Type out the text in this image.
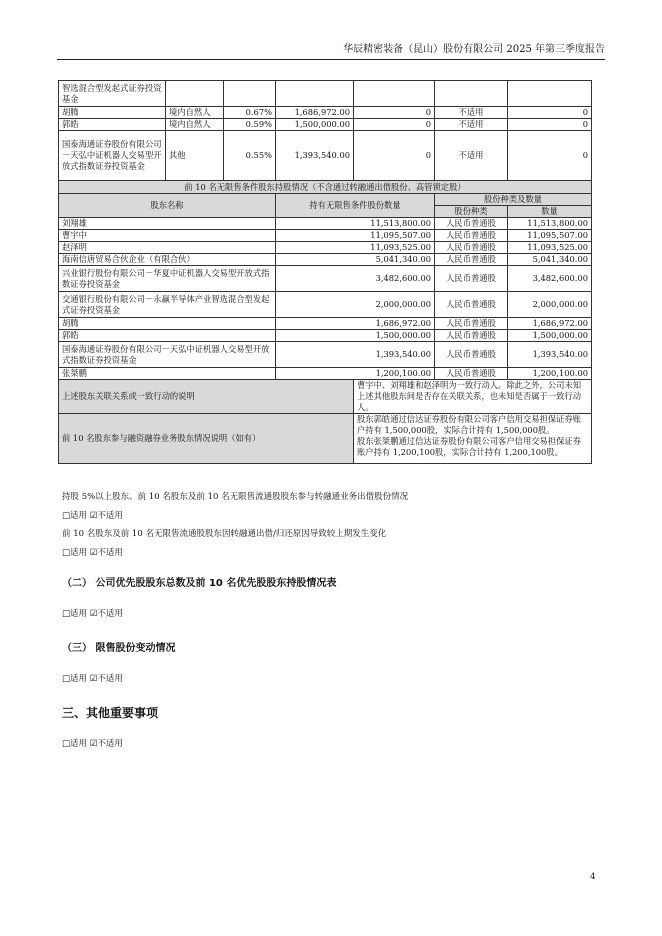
华辰精密装备（昆山）股份有限公司 2025 年第三季度报告
智选混合型发起式证券投资基金						
胡腾	境内自然人	0.67%	1,686,972.00	0	不适用	0
郭皓	境内自然人	0.59%	1,500,000.00	0	不适用	0
国泰海通证券股份有限公司－天弘中证机器人交易型开放式指数证券投资基金	其他	0.55%	1,393,540.00	0	不适用	0
前 10 名无限售条件股东持股情况（不含通过转融通出借股份、高管锁定股）						
股东名称			持有无限售条件股份数量		股份种类及数量	
					股份种类	数量
刘翔雄			11,513,800.00		人民币普通股	11,513,800.00
曹宇中			11,095,507.00		人民币普通股	11,095,507.00
赵泽明			11,093,525.00		人民币普通股	11,093,525.00
海南信唐贸易合伙企业（有限合伙）			5,041,340.00		人民币普通股	5,041,340.00
兴业银行股份有限公司－华夏中证机器人交易型开放式指数证券投资基金			3,482,600.00		人民币普通股	3,482,600.00
交通银行股份有限公司－永赢半导体产业智选混合型发起式证券投资基金			2,000,000.00		人民币普通股	2,000,000.00
胡腾			1,686,972.00		人民币普通股	1,686,972.00
郭皓			1,500,000.00		人民币普通股	1,500,000.00
国泰海通证券股份有限公司－天弘中证机器人交易型开放式指数证券投资基金			1,393,540.00		人民币普通股	1,393,540.00
张桀鹏			1,200,100.00		人民币普通股	1,200,100.00
上述股东关联关系或一致行动的说明				曹宇中、刘翔雄和赵泽明为一致行动人。除此之外，公司未知上述其他股东间是否存在关联关系，也未知是否属于一致行动人。		
前 10 名股东参与融资融券业务股东情况说明（如有）				股东郭皓通过信达证券股份有限公司客户信用交易担保证券账户持有 1,500,000股，实际合计持有 1,500,000股。
股东张桀鹏通过信达证券股份有限公司客户信用交易担保证券账户持有 1,200,100股，实际合计持有 1,200,100股。		
持股 5%以上股东、前 10 名股东及前 10 名无限售流通股股东参与转融通业务出借股份情况
□适用 ☑不适用
前 10 名股东及前 10 名无限售流通股股东因转融通出借/归还原因导致较上期发生变化
□适用 ☑不适用
（二） 公司优先股股东总数及前 10 名优先股股东持股情况表
□适用 ☑不适用
（三） 限售股份变动情况
□适用 ☑不适用
三、其他重要事项
□适用 ☑不适用
4
